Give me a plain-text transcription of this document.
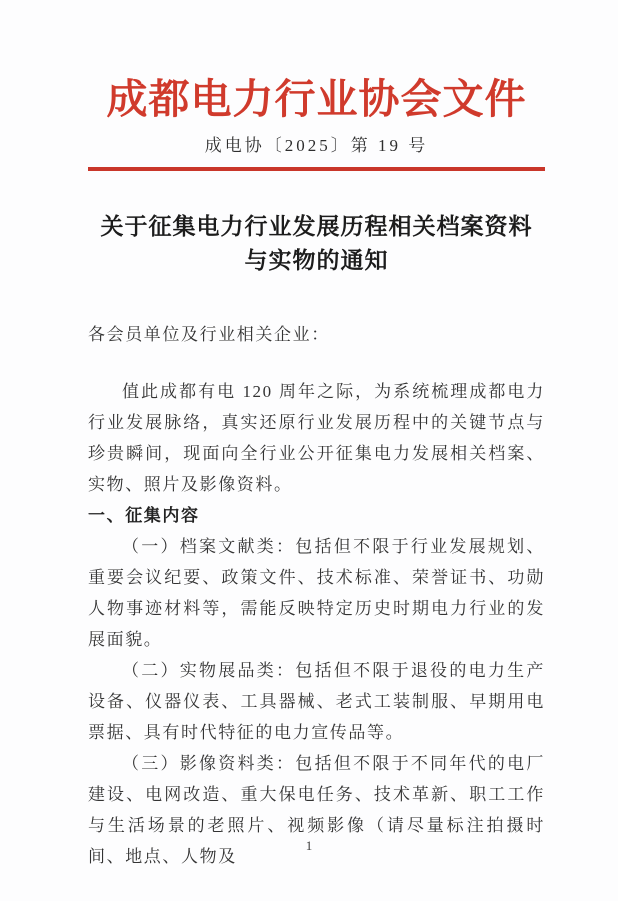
成都电力行业协会文件
成电协〔2025〕第 19 号
关于征集电力行业发展历程相关档案资料
与实物的通知
各会员单位及行业相关企业：
值此成都有电 120 周年之际，为系统梳理成都电力行业发展脉络，真实还原行业发展历程中的关键节点与珍贵瞬间，现面向全行业公开征集电力发展相关档案、实物、照片及影像资料。
一、征集内容
（一）档案文献类：包括但不限于行业发展规划、重要会议纪要、政策文件、技术标准、荣誉证书、功勋人物事迹材料等，需能反映特定历史时期电力行业的发展面貌。
（二）实物展品类：包括但不限于退役的电力生产设备、仪器仪表、工具器械、老式工装制服、早期用电票据、具有时代特征的电力宣传品等。
（三）影像资料类：包括但不限于不同年代的电厂建设、电网改造、重大保电任务、技术革新、职工工作与生活场景的老照片、视频影像（请尽量标注拍摄时间、地点、人物及
1
